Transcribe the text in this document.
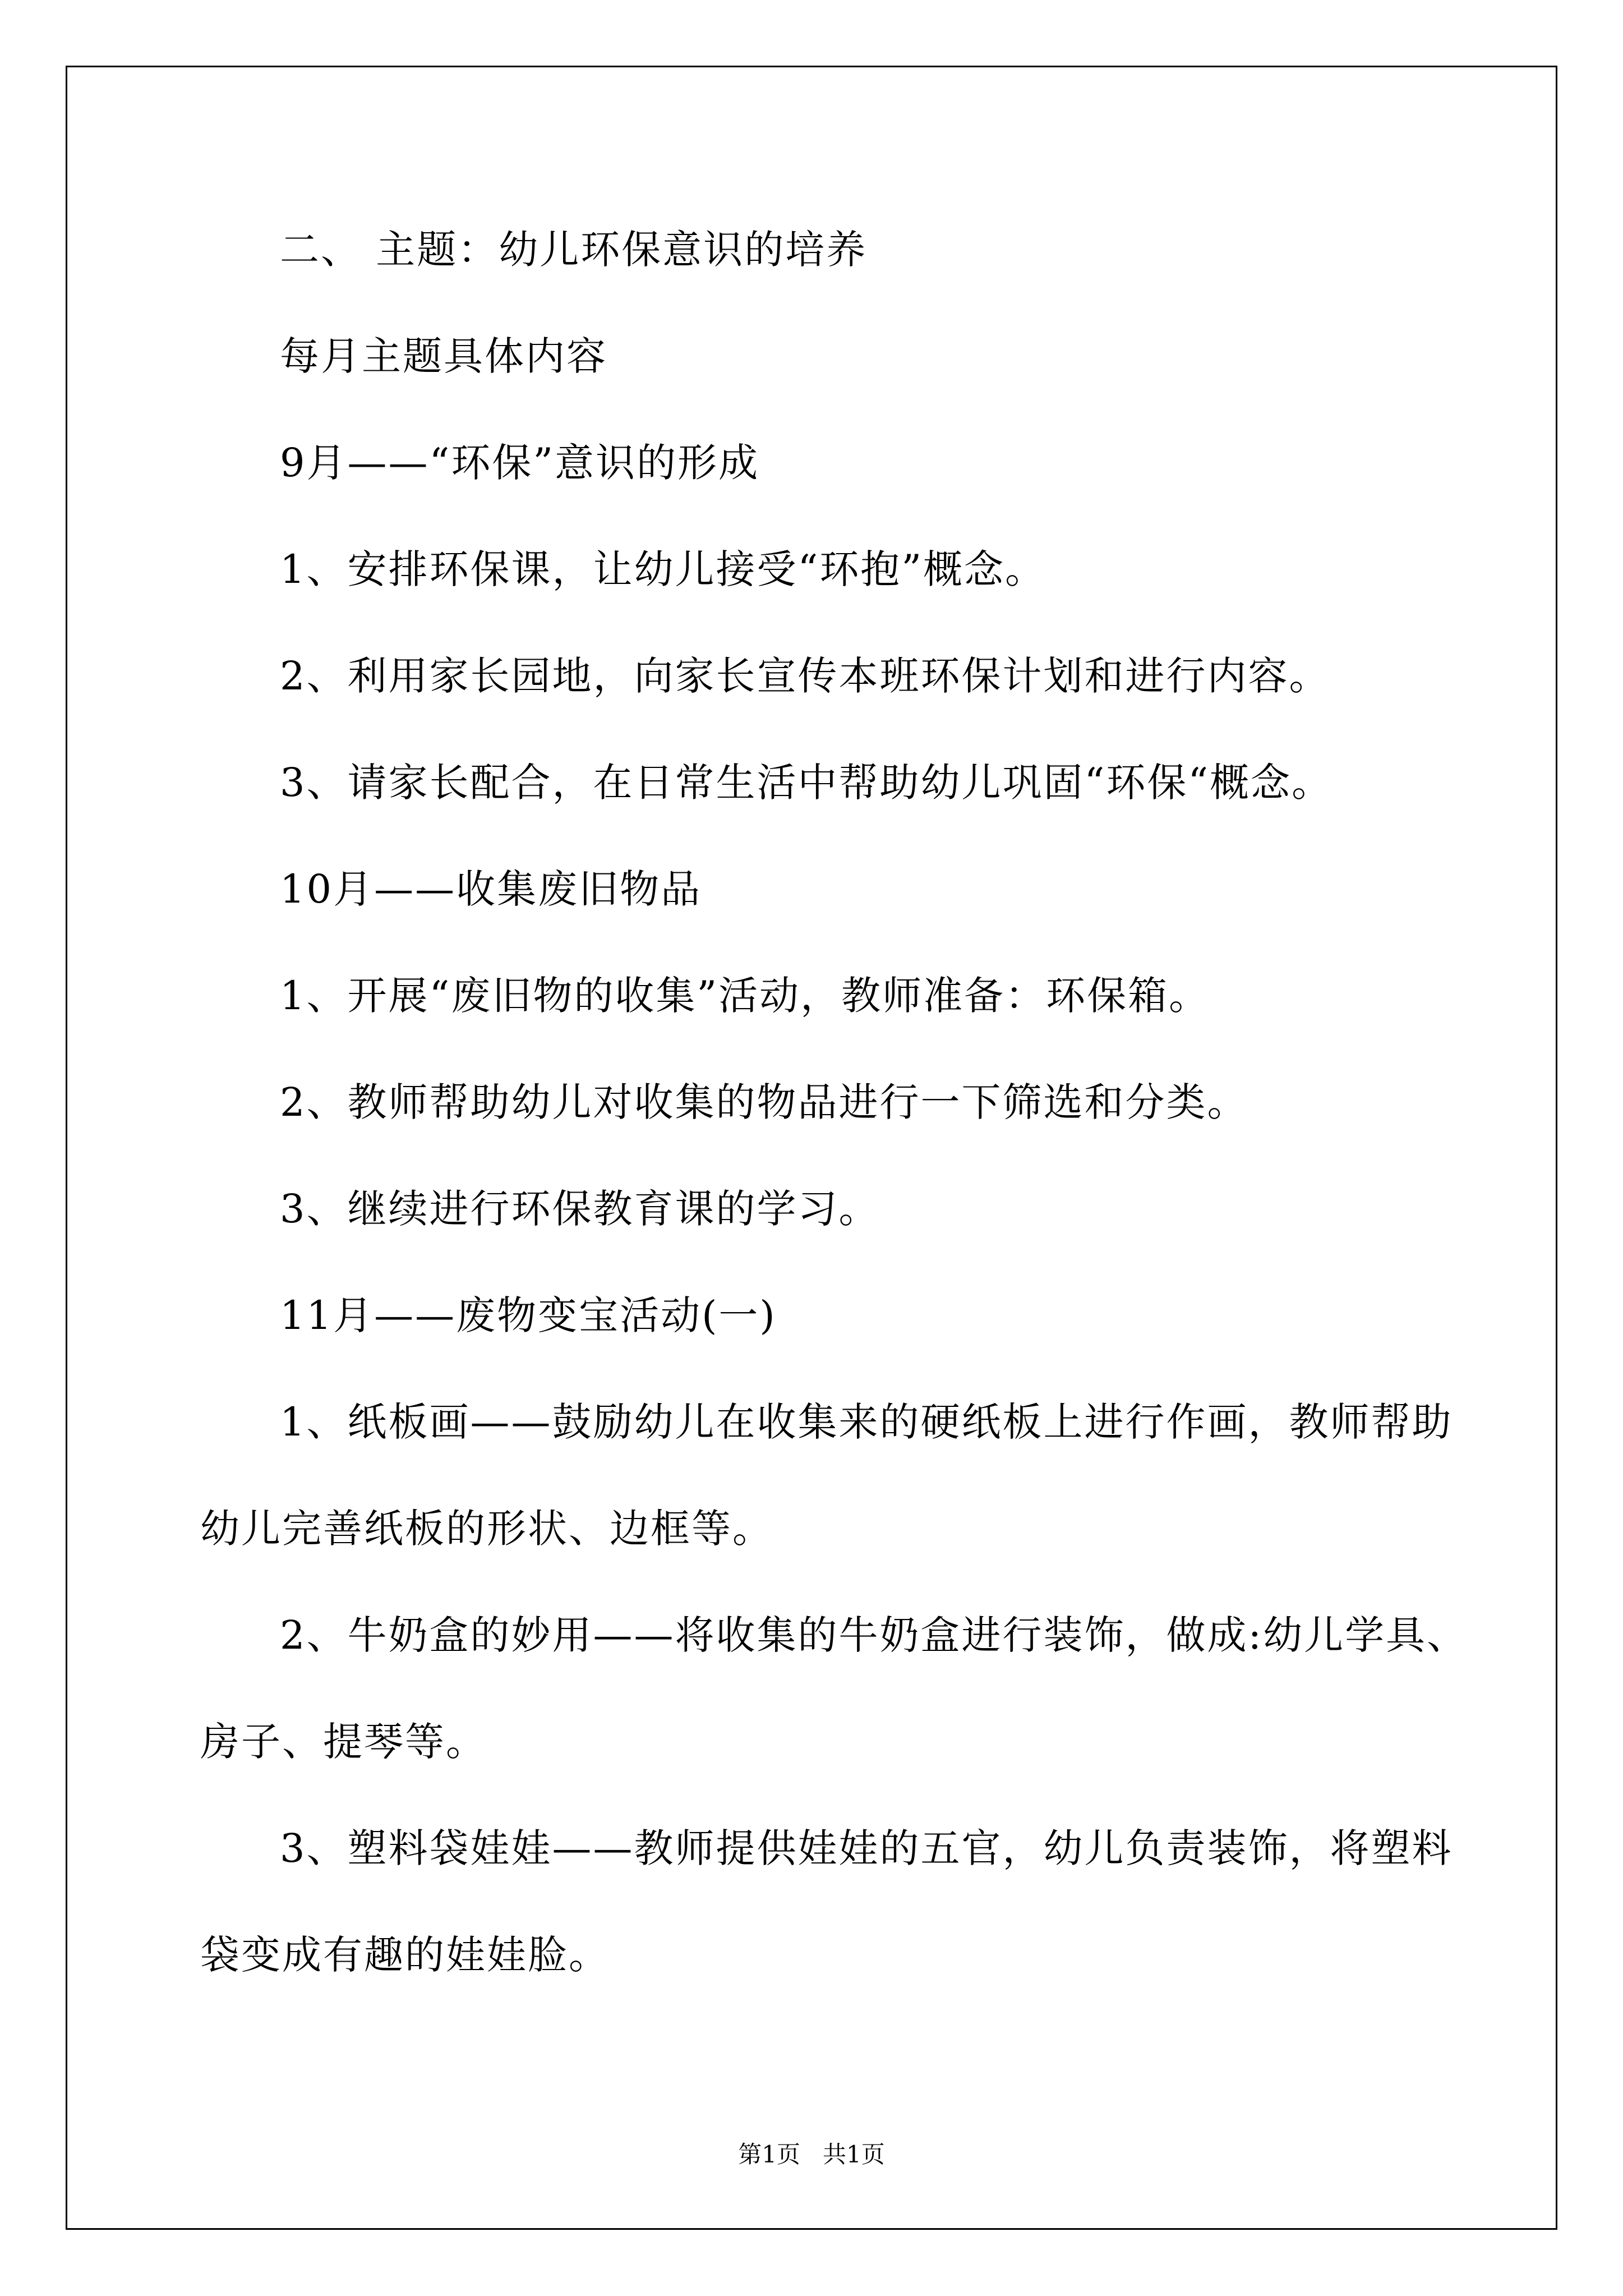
二、 主题：幼儿环保意识的培养
每月主题具体内容
9月——“环保”意识的形成
1、安排环保课，让幼儿接受“环抱”概念。
2、利用家长园地，向家长宣传本班环保计划和进行内容。
3、请家长配合，在日常生活中帮助幼儿巩固“环保“概念。
10月——收集废旧物品
1、开展“废旧物的收集”活动，教师准备：环保箱。
2、教师帮助幼儿对收集的物品进行一下筛选和分类。
3、继续进行环保教育课的学习。
11月——废物变宝活动(一)
1、纸板画——鼓励幼儿在收集来的硬纸板上进行作画，教师帮助
幼儿完善纸板的形状、边框等。
2、牛奶盒的妙用——将收集的牛奶盒进行装饰，做成:幼儿学具、
房子、提琴等。
3、塑料袋娃娃——教师提供娃娃的五官，幼儿负责装饰，将塑料
袋变成有趣的娃娃脸。
第1页   共1页
